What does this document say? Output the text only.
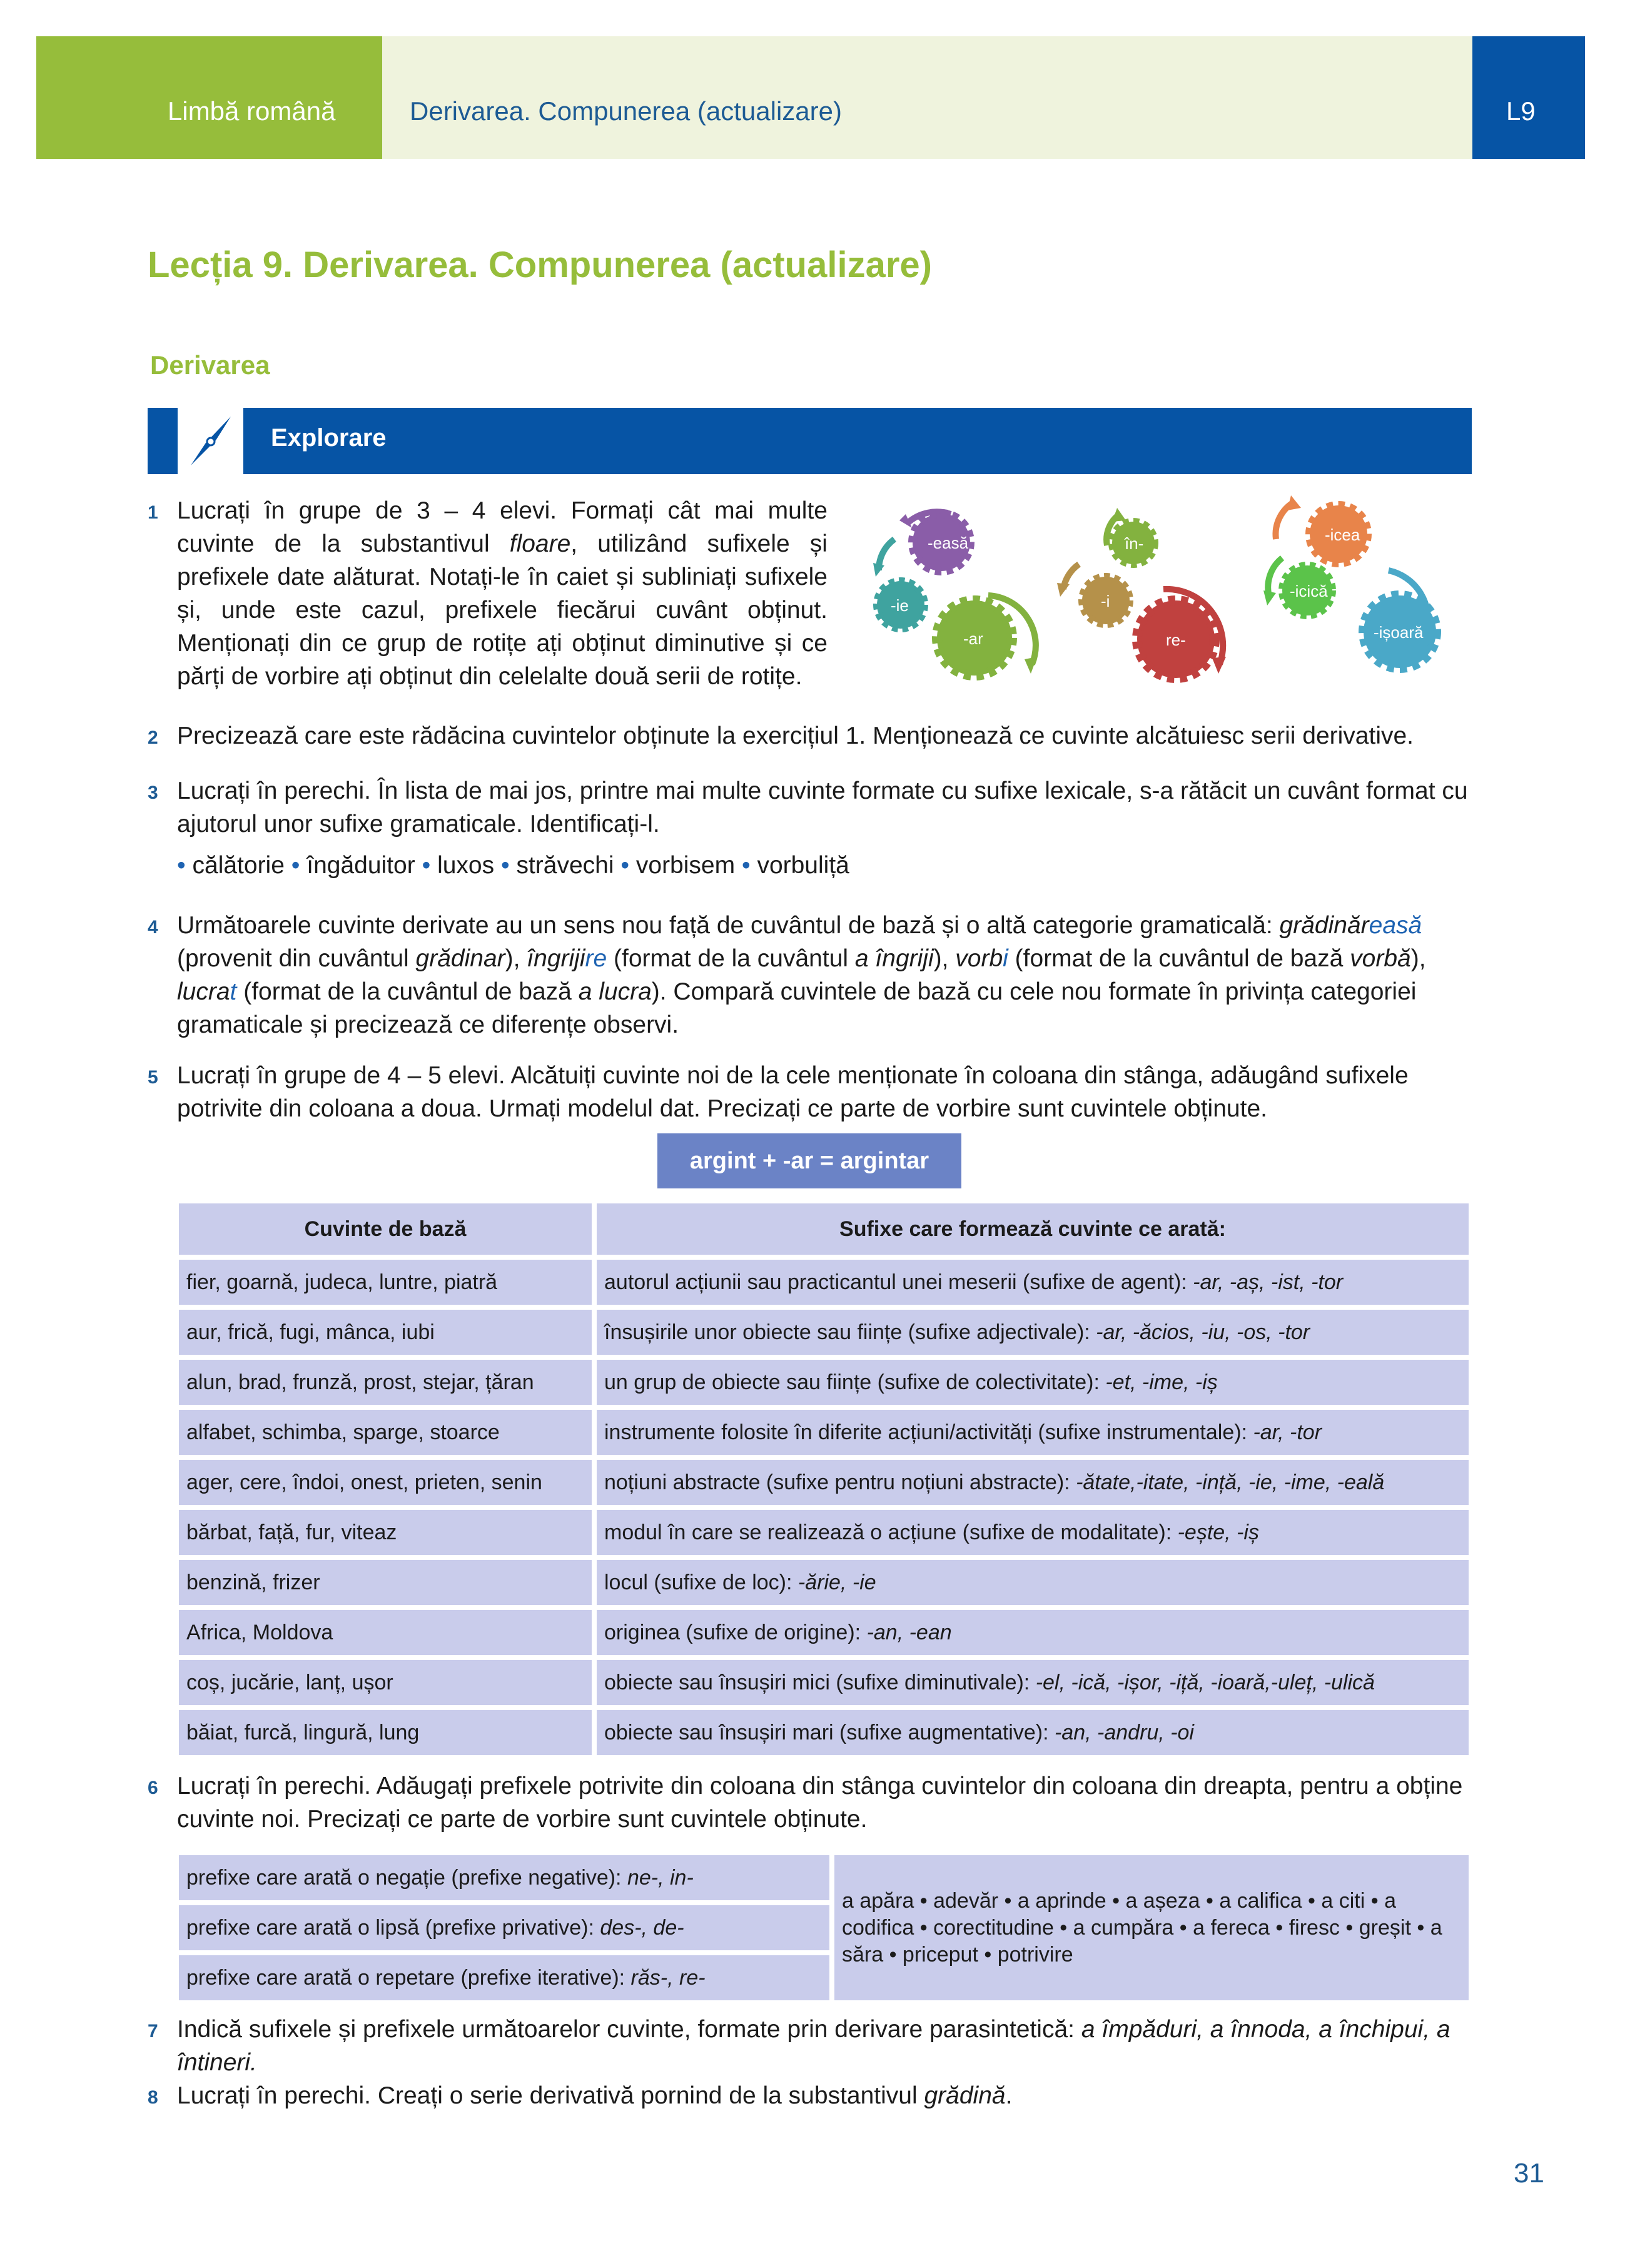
Limbă română	Derivarea. Compunerea (actualizare)	L9
Lecția 9. Derivarea. Compunerea (actualizare)
Derivarea
Explorare
1 Lucrați în grupe de 3 – 4 elevi. Formați cât mai multe cuvinte de la substantivul floare, utilizând sufixele și prefixele date alăturat. Notați-le în caiet și subliniați sufixele și, unde este cazul, prefixele fiecărui cuvânt obținut. Menționați din ce grup de rotițe ați obținut diminutive și ce părți de vorbire ați obținut din celelalte două serii de rotițe.
-easă
-ie
-ar
în-
-i
re-
-icea
-icică
-ișoară
2 Precizează care este rădăcina cuvintelor obținute la exercițiul 1. Menționează ce cuvinte alcătuiesc serii derivative.
3 Lucrați în perechi. În lista de mai jos, printre mai multe cuvinte formate cu sufixe lexicale, s-a rătăcit un cuvânt format cu ajutorul unor sufixe gramaticale. Identificați-l.
• călătorie • îngăduitor • luxos • străvechi • vorbisem • vorbuliță
4 Următoarele cuvinte derivate au un sens nou față de cuvântul de bază și o altă categorie gramaticală: grădinăreasă (provenit din cuvântul grădinar), îngrijire (format de la cuvântul a îngriji), vorbi (format de la cuvântul de bază vorbă), lucrat (format de la cuvântul de bază a lucra). Compară cuvintele de bază cu cele nou formate în privința categoriei gramaticale și precizează ce diferențe observi.
5 Lucrați în grupe de 4 – 5 elevi. Alcătuiți cuvinte noi de la cele menționate în coloana din stânga, adăugând sufixele potrivite din coloana a doua. Urmați modelul dat. Precizați ce parte de vorbire sunt cuvintele obținute.
argint + -ar = argintar
Cuvinte de bază	Sufixe care formează cuvinte ce arată:
fier, goarnă, judeca, luntre, piatră	autorul acțiunii sau practicantul unei meserii (sufixe de agent): -ar, -aș, -ist, -tor
aur, frică, fugi, mânca, iubi	însușirile unor obiecte sau ființe (sufixe adjectivale): -ar, -ăcios, -iu, -os, -tor
alun, brad, frunză, prost, stejar, țăran	un grup de obiecte sau ființe (sufixe de colectivitate): -et, -ime, -iș
alfabet, schimba, sparge, stoarce	instrumente folosite în diferite acțiuni/activități (sufixe instrumentale): -ar, -tor
ager, cere, îndoi, onest, prieten, senin	noțiuni abstracte (sufixe pentru noțiuni abstracte): -ătate,-itate, -ință, -ie, -ime, -eală
bărbat, față, fur, viteaz	modul în care se realizează o acțiune (sufixe de modalitate): -ește, -iș
benzină, frizer	locul (sufixe de loc): -ărie, -ie
Africa, Moldova	originea (sufixe de origine): -an, -ean
coș, jucărie, lanț, ușor	obiecte sau însușiri mici (sufixe diminutivale): -el, -ică, -ișor, -iță, -ioară,-uleț, -ulică
băiat, furcă, lingură, lung	obiecte sau însușiri mari (sufixe augmentative): -an, -andru, -oi
6 Lucrați în perechi. Adăugați prefixele potrivite din coloana din stânga cuvintelor din coloana din dreapta, pentru a obține cuvinte noi. Precizați ce parte de vorbire sunt cuvintele obținute.
prefixe care arată o negație (prefixe negative): ne-, in-	a apăra • adevăr • a aprinde • a așeza • a califica • a citi • a codifica • corectitudine • a cumpăra • a fereca • firesc • greșit • a săra • priceput • potrivire
prefixe care arată o lipsă (prefixe privative): des-, de-
prefixe care arată o repetare (prefixe iterative): răs-, re-
7 Indică sufixele și prefixele următoarelor cuvinte, formate prin derivare parasintetică: a împăduri, a înnoda, a închipui, a întineri.
8 Lucrați în perechi. Creați o serie derivativă pornind de la substantivul grădină.
31
